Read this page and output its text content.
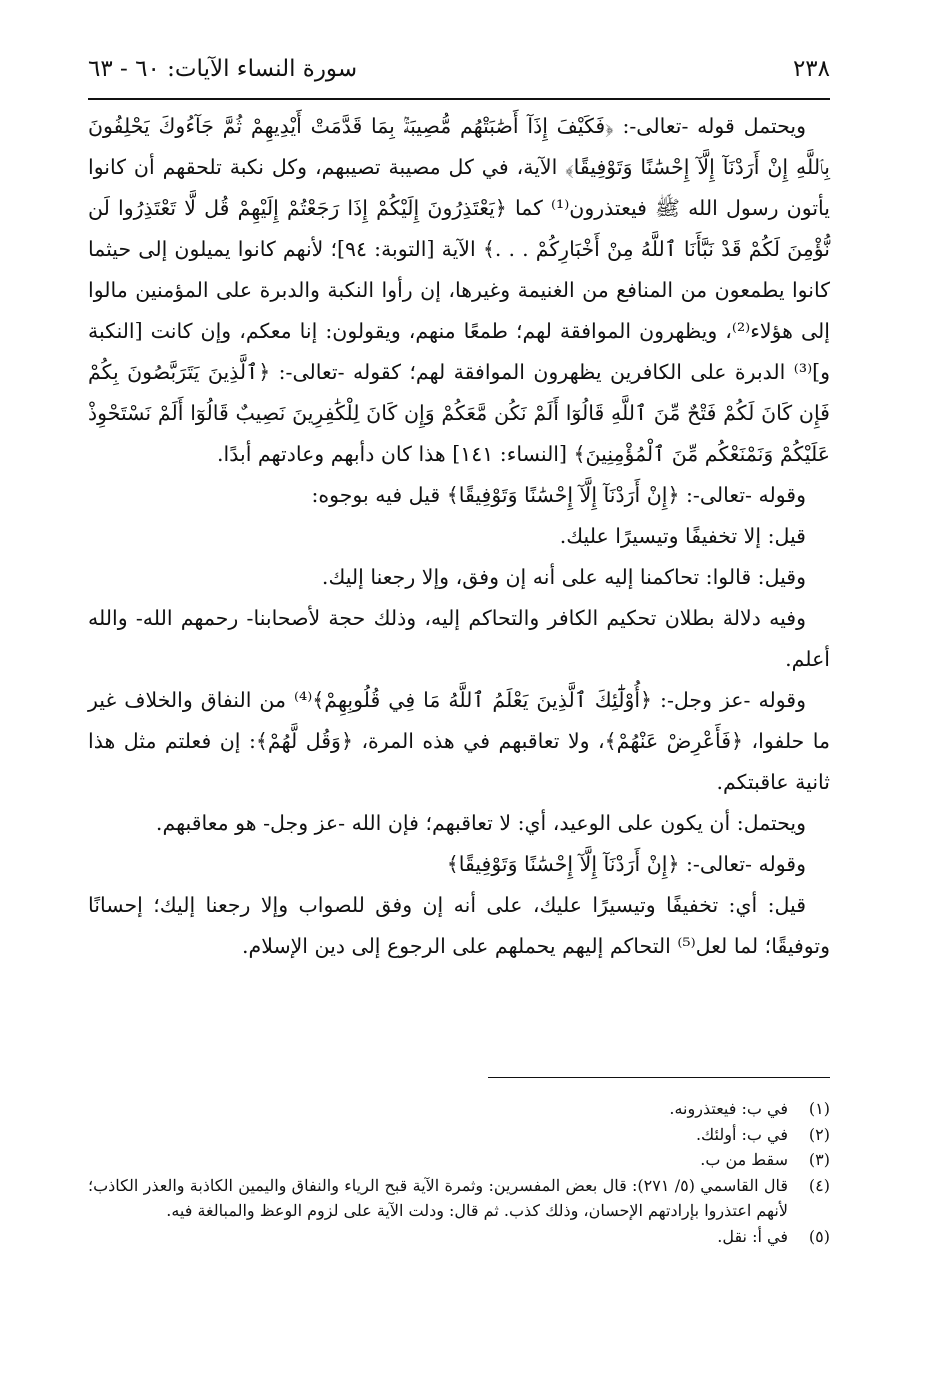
٢٣٨
سورة النساء الآيات: ٦٠ - ٦٣

ويحتمل قوله -تعالى-: ﴿فَكَيْفَ إِذَآ أَصَٰبَتْهُم مُّصِيبَةُۢ بِمَا قَدَّمَتْ أَيْدِيهِمْ ثُمَّ جَآءُوكَ يَحْلِفُونَ بِٱللَّهِ إِنْ أَرَدْنَآ إِلَّآ إِحْسَٰنًا وَتَوْفِيقًا﴾ الآية، في كل مصيبة تصيبهم، وكل نكبة تلحقهم أن كانوا يأتون رسول الله ﷺ فيعتذرون⁽¹⁾ كما ﴿يَعْتَذِرُونَ إِلَيْكُمْ إِذَا رَجَعْتُمْ إِلَيْهِمْ قُل لَّا تَعْتَذِرُوا لَن نُّؤْمِنَ لَكُمْ قَدْ نَبَّأَنَا ٱللَّهُ مِنْ أَخْبَارِكُمْ . . .﴾ الآية [التوبة: ٩٤]؛ لأنهم كانوا يميلون إلى حيثما كانوا يطمعون من المنافع من الغنيمة وغيرها، إن رأوا النكبة والدبرة على المؤمنين مالوا إلى هؤلاء⁽²⁾، ويظهرون الموافقة لهم؛ طمعًا منهم، ويقولون: إنا معكم، وإن كانت [النكبة و]⁽³⁾ الدبرة على الكافرين يظهرون الموافقة لهم؛ كقوله -تعالى-: ﴿ٱلَّذِينَ يَتَرَبَّصُونَ بِكُمْ فَإِن كَانَ لَكُمْ فَتْحٌ مِّنَ ٱللَّهِ قَالُوٓا أَلَمْ نَكُن مَّعَكُمْ وَإِن كَانَ لِلْكَٰفِرِينَ نَصِيبٌ قَالُوٓا أَلَمْ نَسْتَحْوِذْ عَلَيْكُمْ وَنَمْنَعْكُم مِّنَ ٱلْمُؤْمِنِينَ﴾ [النساء: ١٤١] هذا كان دأبهم وعادتهم أبدًا.

وقوله -تعالى-: ﴿إِنْ أَرَدْنَآ إِلَّآ إِحْسَٰنًا وَتَوْفِيقًا﴾ قيل فيه بوجوه:

قيل: إلا تخفيفًا وتيسيرًا عليك.

وقيل: قالوا: تحاكمنا إليه على أنه إن وفق، وإلا رجعنا إليك.

وفيه دلالة بطلان تحكيم الكافر والتحاكم إليه، وذلك حجة لأصحابنا- رحمهم الله- والله أعلم.

وقوله -عز وجل-: ﴿أُوْلَٰٓئِكَ ٱلَّذِينَ يَعْلَمُ ٱللَّهُ مَا فِي قُلُوبِهِمْ﴾⁽⁴⁾ من النفاق والخلاف غير ما حلفوا، ﴿فَأَعْرِضْ عَنْهُمْ﴾، ولا تعاقبهم في هذه المرة، ﴿وَقُل لَّهُمْ﴾: إن فعلتم مثل هذا ثانية عاقبتكم.

ويحتمل: أن يكون على الوعيد، أي: لا تعاقبهم؛ فإن الله -عز وجل- هو معاقبهم.

وقوله -تعالى-: ﴿إِنْ أَرَدْنَآ إِلَّآ إِحْسَٰنًا وَتَوْفِيقًا﴾

قيل: أي: تخفيفًا وتيسيرًا عليك، على أنه إن وفق للصواب وإلا رجعنا إليك؛ إحسانًا وتوفيقًا؛ لما لعل⁽⁵⁾ التحاكم إليهم يحملهم على الرجوع إلى دين الإسلام.

(١)
في ب: فيعتذرونه.
(٢)
في ب: أولئك.
(٣)
سقط من ب.
(٤)
قال القاسمي (٥/ ٢٧١): قال بعض المفسرين: وثمرة الآية قبح الرياء والنفاق واليمين الكاذبة والعذر الكاذب؛ لأنهم اعتذروا بإرادتهم الإحسان، وذلك كذب. ثم قال: ودلت الآية على لزوم الوعظ والمبالغة فيه.
(٥)
في أ: نقل.
